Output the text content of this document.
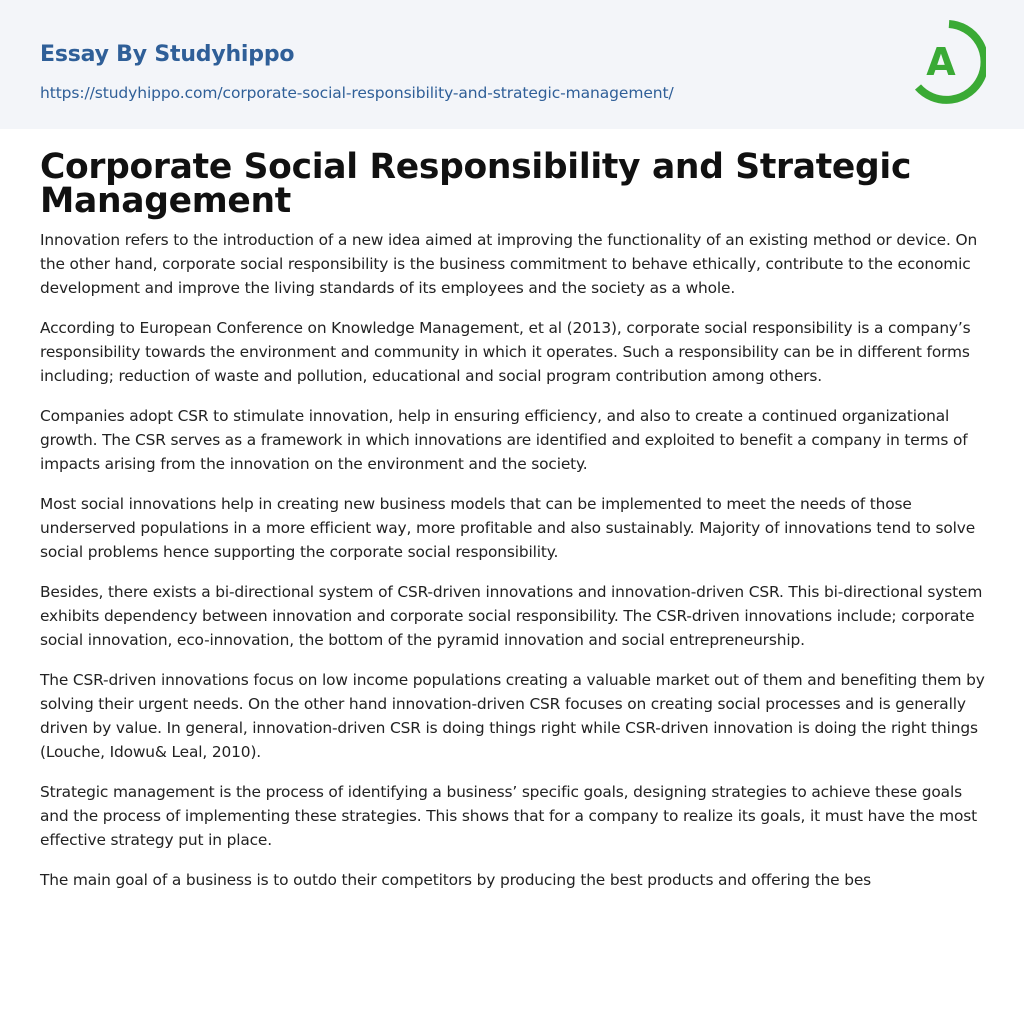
Essay By Studyhippo
https://studyhippo.com/corporate-social-responsibility-and-strategic-management/
A
Corporate Social Responsibility and Strategic Management

Innovation refers to the introduction of a new idea aimed at improving the functionality of an existing method or device. On the other hand, corporate social responsibility is the business commitment to behave ethically, contribute to the economic development and improve the living standards of its employees and the society as a whole.

According to European Conference on Knowledge Management, et al (2013), corporate social responsibility is a company’s responsibility towards the environment and community in which it operates. Such a responsibility can be in different forms including; reduction of waste and pollution, educational and social program contribution among others.

Companies adopt CSR to stimulate innovation, help in ensuring efficiency, and also to create a continued organizational growth. The CSR serves as a framework in which innovations are identified and exploited to benefit a company in terms of impacts arising from the innovation on the environment and the society.

Most social innovations help in creating new business models that can be implemented to meet the needs of those underserved populations in a more efficient way, more profitable and also sustainably. Majority of innovations tend to solve social problems hence supporting the corporate social responsibility.

Besides, there exists a bi-directional system of CSR-driven innovations and innovation-driven CSR. This bi-directional system exhibits dependency between innovation and corporate social responsibility. The CSR-driven innovations include; corporate social innovation, eco-innovation, the bottom of the pyramid innovation and social entrepreneurship.

The CSR-driven innovations focus on low income populations creating a valuable market out of them and benefiting them by solving their urgent needs. On the other hand innovation-driven CSR focuses on creating social processes and is generally driven by value. In general, innovation-driven CSR is doing things right while CSR-driven innovation is doing the right things (Louche, Idowu& Leal, 2010).

Strategic management is the process of identifying a business’ specific goals, designing strategies to achieve these goals and the process of implementing these strategies. This shows that for a company to realize its goals, it must have the most effective strategy put in place.

The main goal of a business is to outdo their competitors by producing the best products and offering the bes
